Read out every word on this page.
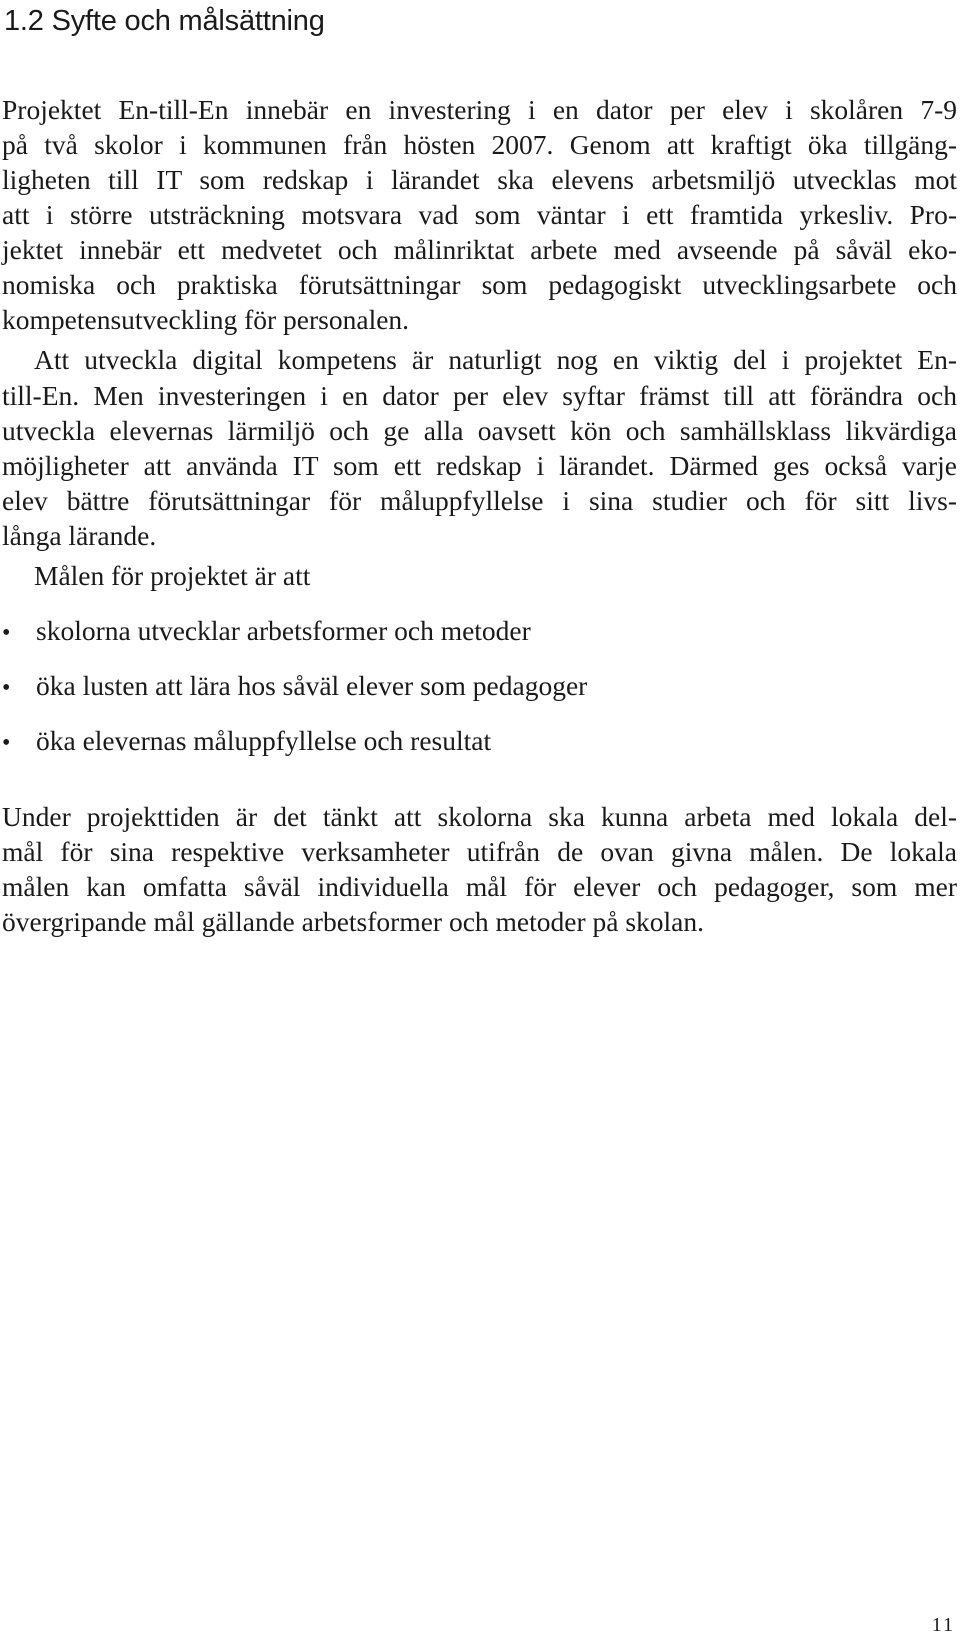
1.2 Syfte och målsättning
Projektet En-till-En innebär en investering i en dator per elev i skolåren 7-9
på två skolor i kommunen från hösten 2007. Genom att kraftigt öka tillgäng-
ligheten till IT som redskap i lärandet ska elevens arbetsmiljö utvecklas mot
att i större utsträckning motsvara vad som väntar i ett framtida yrkesliv. Pro-
jektet innebär ett medvetet och målinriktat arbete med avseende på såväl eko-
nomiska och praktiska förutsättningar som pedagogiskt utvecklingsarbete och
kompetensutveckling för personalen.
Att utveckla digital kompetens är naturligt nog en viktig del i projektet En-
till-En. Men investeringen i en dator per elev syftar främst till att förändra och
utveckla elevernas lärmiljö och ge alla oavsett kön och samhällsklass likvärdiga
möjligheter att använda IT som ett redskap i lärandet. Därmed ges också varje
elev bättre förutsättningar för måluppfyllelse i sina studier och för sitt livs-
långa lärande.
Målen för projektet är att
• skolorna utvecklar arbetsformer och metoder
• öka lusten att lära hos såväl elever som pedagoger
• öka elevernas måluppfyllelse och resultat
Under projekttiden är det tänkt att skolorna ska kunna arbeta med lokala del-
mål för sina respektive verksamheter utifrån de ovan givna målen. De lokala
målen kan omfatta såväl individuella mål för elever och pedagoger, som mer
övergripande mål gällande arbetsformer och metoder på skolan.
11
